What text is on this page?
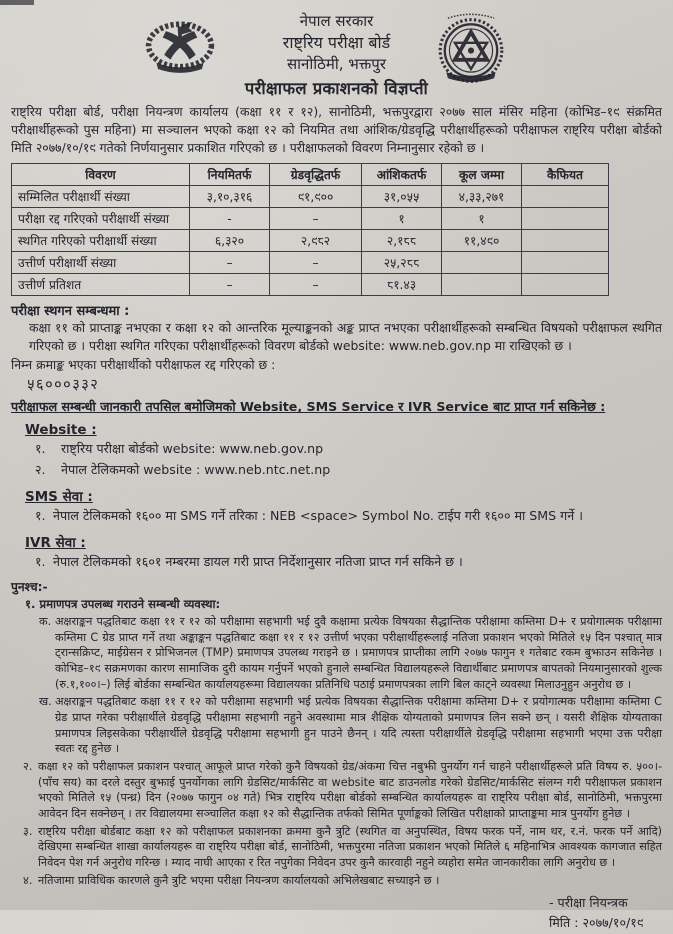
नेपाल सरकार
राष्ट्रिय परीक्षा बोर्ड
सानोठिमी, भक्तपुर
परीक्षाफल प्रकाशनको विज्ञप्ती
राष्ट्रिय परीक्षा बोर्ड, परीक्षा नियन्त्रण कार्यालय (कक्षा ११ र १२), सानोठिमी, भक्तपुरद्वारा २०७७ साल मंसिर महिना (कोभिड–१९ संक्रमित परीक्षार्थीहरूको पुस महिना) मा सञ्चालन भएको कक्षा १२ को नियमित तथा आंशिक/ग्रेडवृद्धि परीक्षार्थीहरूको परीक्षाफल राष्ट्रिय परीक्षा बोर्डको मिति २०७७/१०/१९ गतेको निर्णयानुसार प्रकाशित गरिएको छ । परीक्षाफलको विवरण निम्नानुसार रहेको छ ।
विवरण	नियमितर्फ	ग्रेडवृद्धितर्फ	आंशिकतर्फ	कूल जम्मा	कैफियत
सम्मिलित परीक्षार्थी संख्या	३,१०,३१६	९१,९००	३१,०५५	४,३३,२७१	
परीक्षा रद्द गरिएको परीक्षार्थी संख्या	-	–	१	१	
स्थगित गरिएको परीक्षार्थी संख्या	६,३२०	२,९८२	२,१८८	११,४९०	
उत्तीर्ण परीक्षार्थी संख्या	–	–	२५,२८८		
उत्तीर्ण प्रतिशत	–	–	८१.४३		
परीक्षा स्थगन सम्बन्धमा :
कक्षा ११ को प्राप्ताङ्क नभएका र कक्षा १२ को आन्तरिक मूल्याङ्कनको अङ्क प्राप्त नभएका परीक्षार्थीहरूको सम्बन्धित विषयको परीक्षाफल स्थगित गरिएको छ । परीक्षा स्थगित गरिएका परीक्षार्थीहरूको विवरण बोर्डको website: www.neb.gov.np मा राखिएको छ ।
निम्न क्रमाङ्क भएका परीक्षार्थीको परीक्षाफल रद्द गरिएको छ :
५६०००३३२
परीक्षाफल सम्बन्धी जानकारी तपसिल बमोजिमको Website, SMS Service र IVR Service बाट प्राप्त गर्न सकिनेछ :
Website :
१.	राष्ट्रिय परीक्षा बोर्डको website: www.neb.gov.np
२.	नेपाल टेलिकमको website : www.neb.ntc.net.np
SMS सेवा :
१. नेपाल टेलिकमको १६०० मा SMS गर्ने तरिका : NEB <space> Symbol No. टाईप गरी १६०० मा SMS गर्ने ।
IVR सेवा :
१. नेपाल टेलिकमको १६०१ नम्बरमा डायल गरी प्राप्त निर्देशानुसार नतिजा प्राप्त गर्न सकिने छ ।
पुनश्च:-
१. प्रमाणपत्र उपलब्ध गराउने सम्बन्धी व्यवस्था:
क. अक्षराङ्कन पद्धतिबाट कक्षा ११ र १२ को परीक्षामा सहभागी भई दुवै कक्षामा प्रत्येक विषयका सैद्धान्तिक परीक्षामा कम्तिमा D+ र प्रयोगात्मक परीक्षामा कम्तिमा C ग्रेड प्राप्त गर्ने तथा अङ्काङ्कन पद्धतिबाट कक्षा ११ र १२ उत्तीर्ण भएका परीक्षार्थीहरूलाई नतिजा प्रकाशन भएको मितिले १५ दिन पश्चात् मात्र ट्रान्सक्रिप्ट, माईग्रेसन र प्रोभिजनल (TMP) प्रमाणपत्र उपलब्ध गराइने छ । प्रमाणपत्र प्राप्तीका लागि २०७७ फागुन १ गतेबाट रकम बुझाउन सकिनेछ । कोभिड–१९ सक्रमणका कारण सामाजिक दुरी कायम गर्नुपर्ने भएको हुनाले सम्बन्धित विद्यालयहरूले विद्यार्थीबाट प्रमाणपत्र बापतको नियमानुसारको शुल्क (रु.१,१००।–) लिई बोर्डका सम्बन्धित कार्यालयहरूमा विद्यालयका प्रतिनिधि पठाई प्रमाणपत्रका लागि बिल काट्ने व्यवस्था मिलाउनुहुन अनुरोध छ ।
ख. अक्षराङ्कन पद्धतिबाट कक्षा ११ र १२ को परीक्षामा सहभागी भई प्रत्येक विषयका सैद्धान्तिक परीक्षामा कम्तिमा D+ र प्रयोगात्मक परीक्षामा कम्तिमा C ग्रेड प्राप्त गरेका परीक्षार्थीले ग्रेडवृद्धि परीक्षामा सहभागी नहुने अवस्थामा मात्र शैक्षिक योग्यताको प्रमाणपत्र लिन सक्ने छन् । यसरी शैक्षिक योग्यताका प्रमाणपत्र लिइसकेका परीक्षार्थीले ग्रेडवृद्धि परीक्षामा सहभागी हुन पाउने छैनन् । यदि त्यस्ता परीक्षार्थीले ग्रेडवृद्धि परीक्षामा सहभागी भएमा उक्त परीक्षा स्वतः रद्द हुनेछ ।
२. कक्षा १२ को परीक्षाफल प्रकाशन पश्चात् आफूले प्राप्त गरेको कुनै विषयको ग्रेड/अंकमा चित्त नबुझी पुनर्योग गर्न चाहने परीक्षार्थीहरूले प्रति विषय रु. ५००।- (पाँच सय) का दरले दस्तुर बुझाई पुनर्योगका लागि ग्रेडसिट/मार्कसिट वा website बाट डाउनलोड गरेको ग्रेडसिट/मार्कसिट संलग्न गरी परीक्षाफल प्रकाशन भएको मितिले १५ (पन्ध्र) दिन (२०७७ फागुन ०४ गते) भित्र राष्ट्रिय परीक्षा बोर्डको सम्बन्धित कार्यालयहरू वा राष्ट्रिय परीक्षा बोर्ड, सानोठिमी, भक्तपुरमा आवेदन दिन सक्नेछन् । तर विद्यालयमा सञ्चालित कक्षा १२ को सैद्धान्तिक तर्फको सिमित पूर्णाङ्कको लिखित परीक्षाको प्राप्ताङ्कमा मात्र पुनर्योग हुनेछ ।
३. राष्ट्रिय परीक्षा बोर्डबाट कक्षा १२ को परीक्षाफल प्रकाशनका क्रममा कुनै त्रुटि (स्थगित वा अनुपस्थित, विषय फरक पर्ने, नाम थर, र.नं. फरक पर्ने आदि) देखिएमा सम्बन्धित शाखा कार्यालयहरू वा राष्ट्रिय परीक्षा बोर्ड, सानोठिमी, भक्तपुरमा नतिजा प्रकाशन भएको मितिले ६ महिनाभित्र आवश्यक कागजात सहित निवेदन पेश गर्न अनुरोध गरिन्छ । म्याद नाघी आएका र रित नपुगेका निवेदन उपर कुनै कारवाही नहुने व्यहोरा समेत जानकारीका लागि अनुरोध छ ।
४. नतिजामा प्राविधिक कारणले कुनै त्रुटि भएमा परीक्षा नियन्त्रण कार्यालयको अभिलेखबाट सच्याइने छ ।
- परीक्षा नियन्त्रक
मिति : २०७७/१०/१९
